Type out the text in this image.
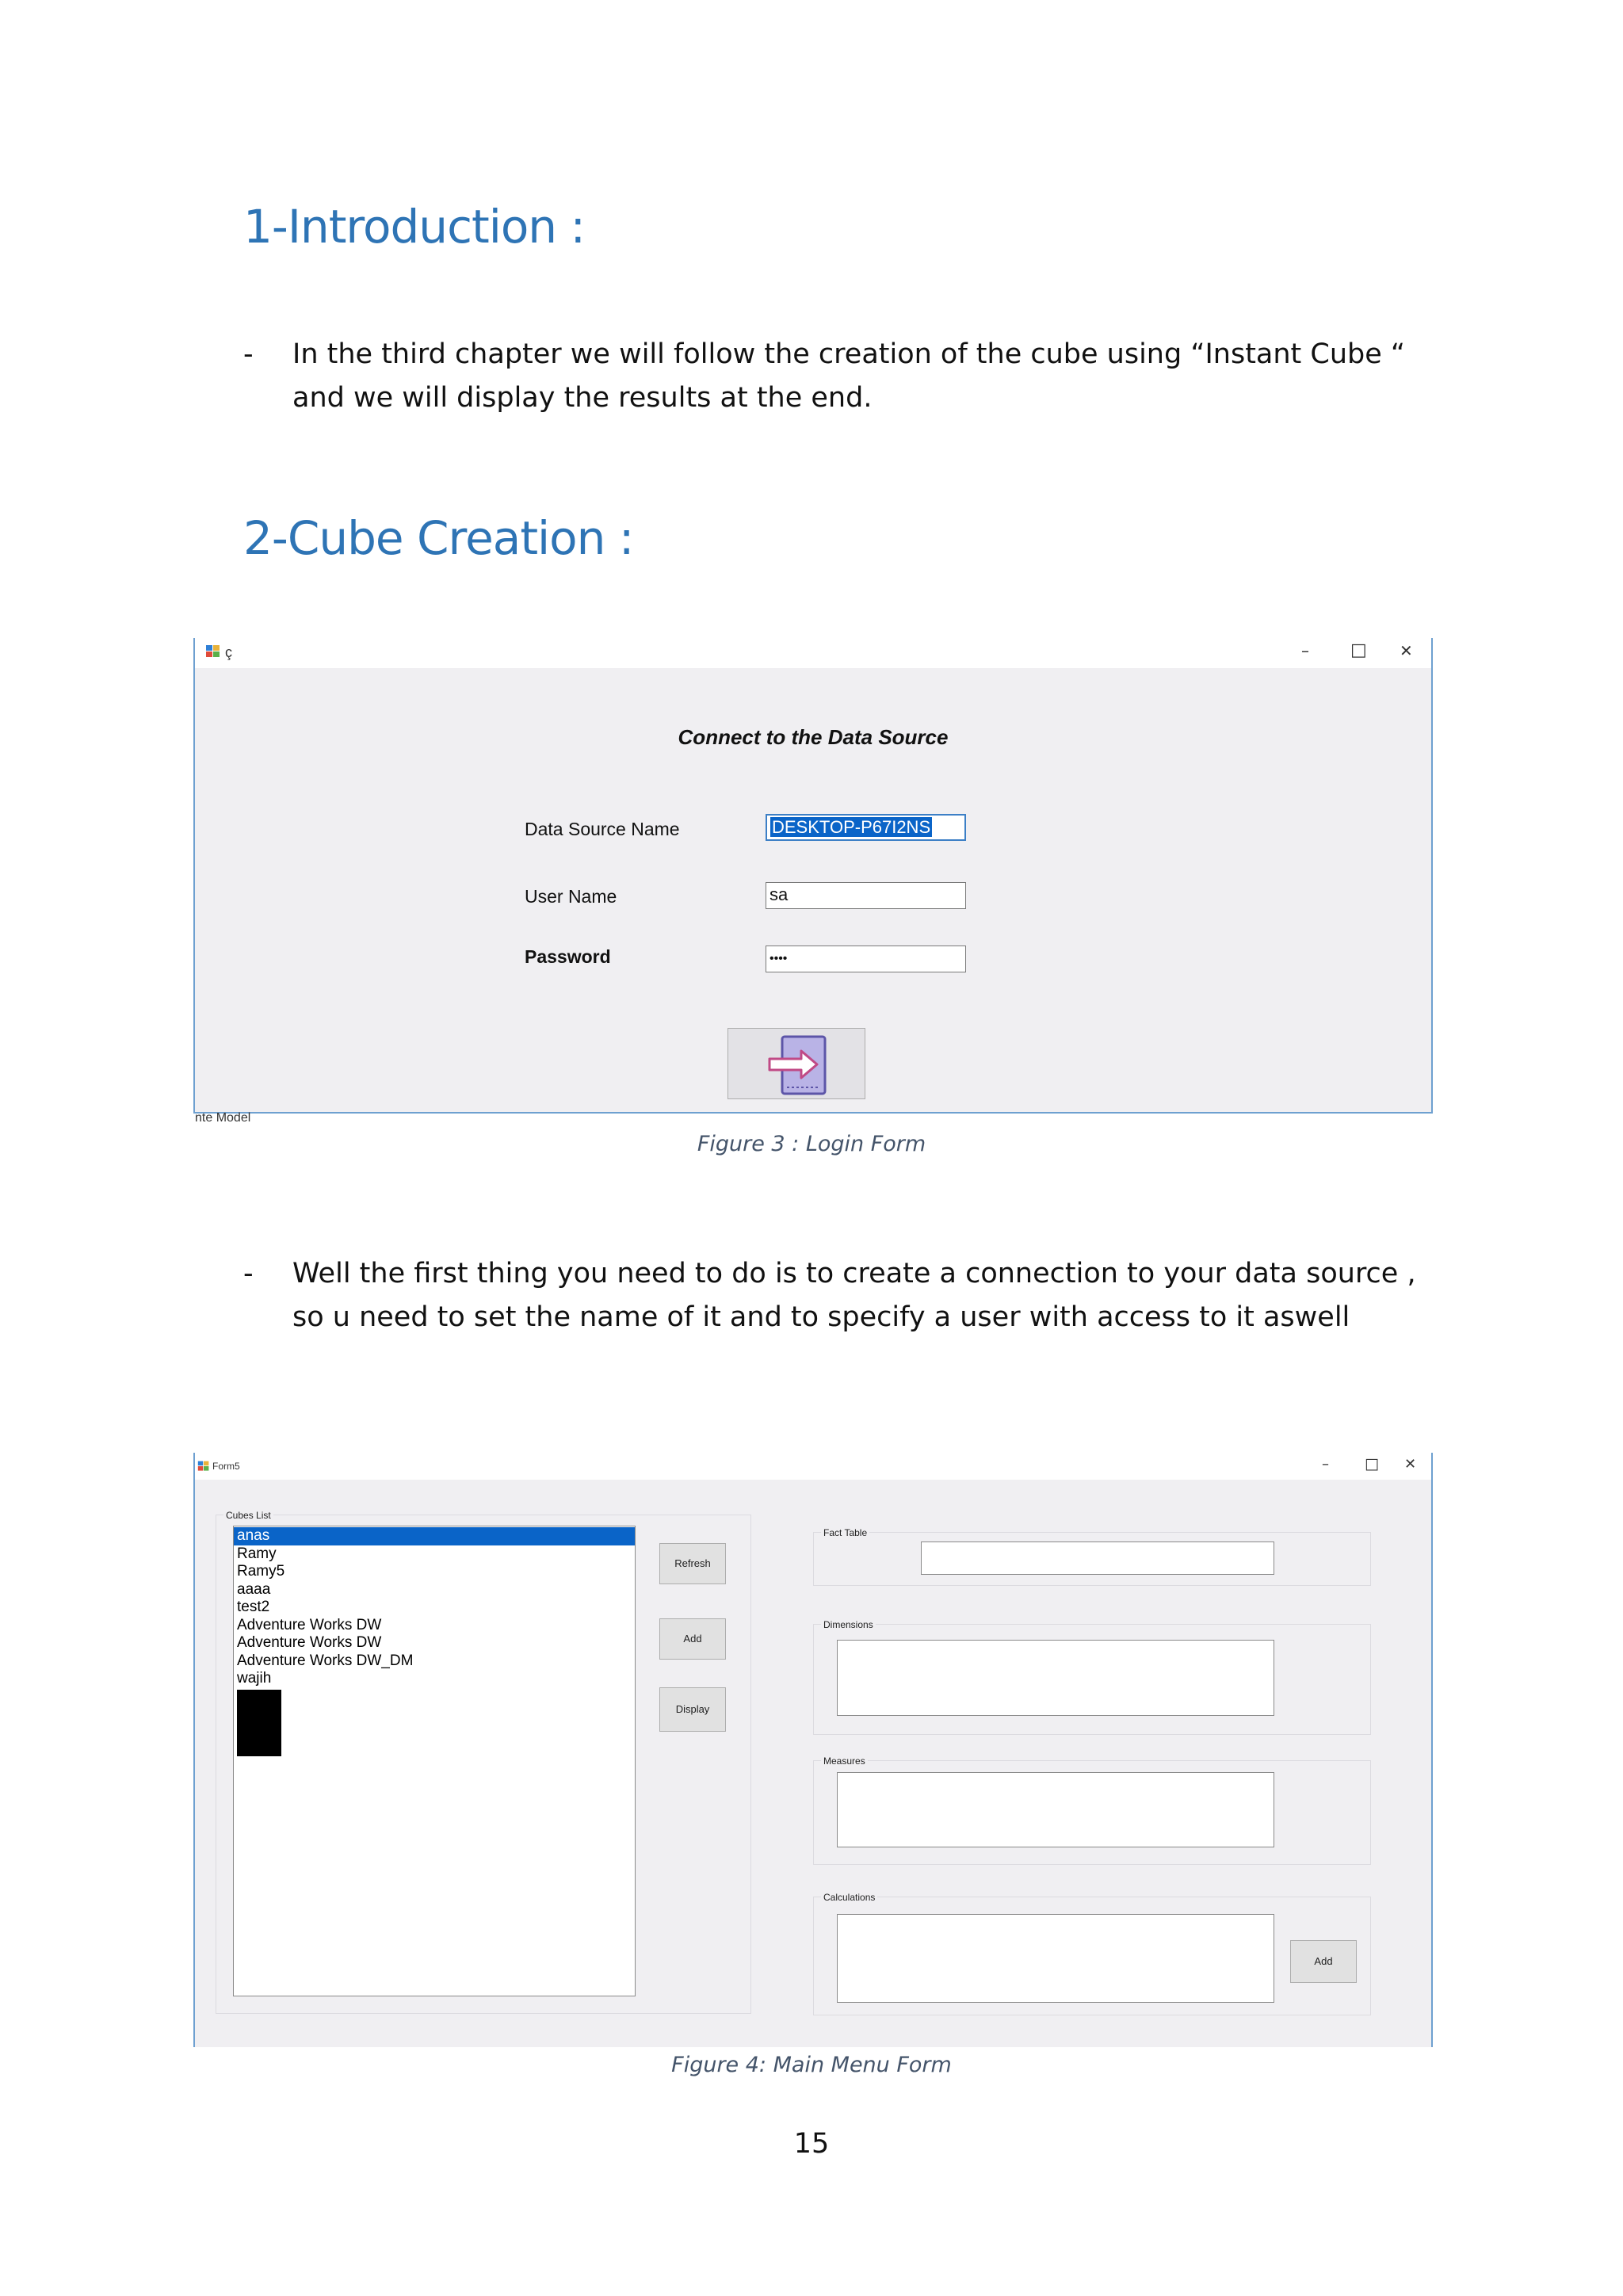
1-Introduction :
- In the third chapter we will follow the creation of the cube using “Instant Cube “ and we will display the results at the end.
2-Cube Creation :
ç	– □ ✕
Connect to the Data Source
Data Source Name	DESKTOP-P67I2NS
User Name	sa
Password	••••
nte Model
Figure 3 : Login Form
- Well the first thing you need to do is to create a connection to your data source , so u need to set the name of it and to specify a user with access to it aswell
Form5	– □ ✕
Cubes List
anas
Ramy
Ramy5
aaaa
test2
Adventure Works DW
Adventure Works DW
Adventure Works DW_DM
wajih
Refresh
Add
Display
Fact Table
Dimensions
Measures
Calculations
Add
Figure 4: Main Menu Form
15
